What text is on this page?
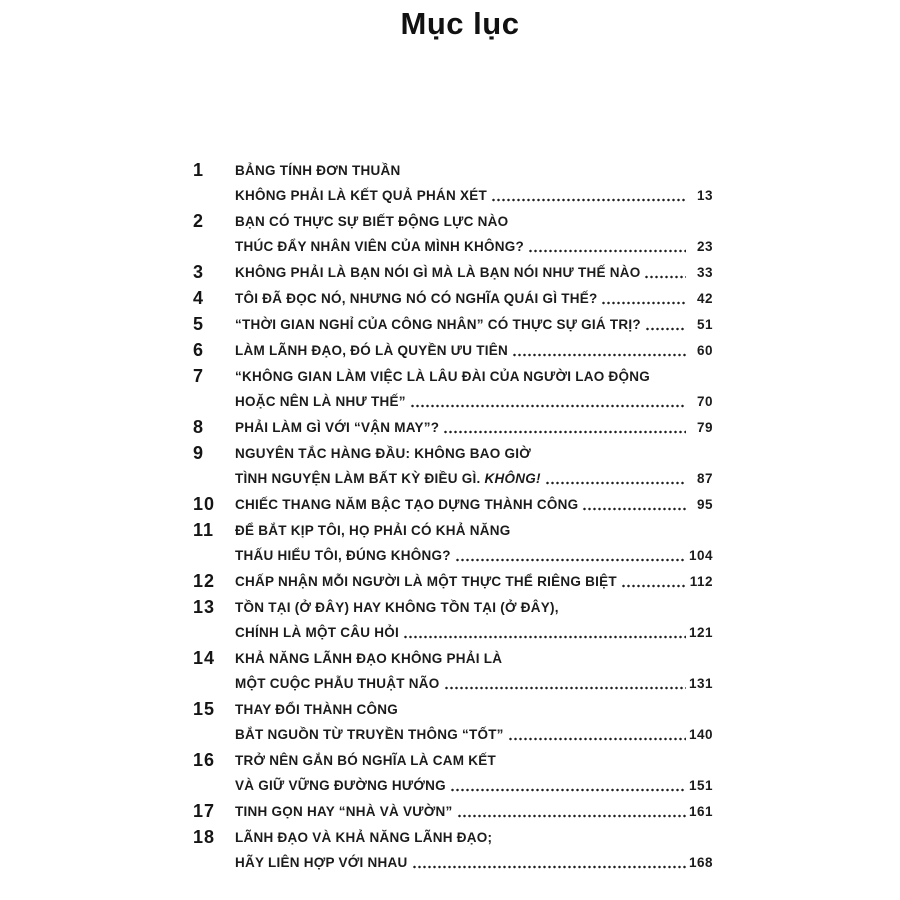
Mục lục
1	BẢNG TÍNH ĐƠN THUẦN
KHÔNG PHẢI LÀ KẾT QUẢ PHÁN XÉT	13
2	BẠN CÓ THỰC SỰ BIẾT ĐỘNG LỰC NÀO
THÚC ĐẨY NHÂN VIÊN CỦA MÌNH KHÔNG?	23
3	KHÔNG PHẢI LÀ BẠN NÓI GÌ MÀ LÀ BẠN NÓI NHƯ THẾ NÀO	33
4	TÔI ĐÃ ĐỌC NÓ, NHƯNG NÓ CÓ NGHĨA QUÁI GÌ THẾ?	42
5	“THỜI GIAN NGHỈ CỦA CÔNG NHÂN” CÓ THỰC SỰ GIÁ TRỊ?	51
6	LÀM LÃNH ĐẠO, ĐÓ LÀ QUYỀN ƯU TIÊN	60
7	“KHÔNG GIAN LÀM VIỆC LÀ LÂU ĐÀI CỦA NGƯỜI LAO ĐỘNG
HOẶC NÊN LÀ NHƯ THẾ”	70
8	PHẢI LÀM GÌ VỚI “VẬN MAY”?	79
9	NGUYÊN TẮC HÀNG ĐẦU: KHÔNG BAO GIỜ
TÌNH NGUYỆN LÀM BẤT KỲ ĐIỀU GÌ. KHÔNG!	87
10	CHIẾC THANG NĂM BẬC TẠO DỰNG THÀNH CÔNG	95
11	ĐỂ BẮT KỊP TÔI, HỌ PHẢI CÓ KHẢ NĂNG
THẤU HIỂU TÔI, ĐÚNG KHÔNG?	104
12	CHẤP NHẬN MỖI NGƯỜI LÀ MỘT THỰC THỂ RIÊNG BIỆT	112
13	TỒN TẠI (Ở ĐÂY) HAY KHÔNG TỒN TẠI (Ở ĐÂY),
CHÍNH LÀ MỘT CÂU HỎI	121
14	KHẢ NĂNG LÃNH ĐẠO KHÔNG PHẢI LÀ
MỘT CUỘC PHẪU THUẬT NÃO	131
15	THAY ĐỔI THÀNH CÔNG
BẮT NGUỒN TỪ TRUYỀN THÔNG “TỐT”	140
16	TRỞ NÊN GẮN BÓ NGHĨA LÀ CAM KẾT
VÀ GIỮ VỮNG ĐƯỜNG HƯỚNG	151
17	TINH GỌN HAY “NHÀ VÀ VƯỜN”	161
18	LÃNH ĐẠO VÀ KHẢ NĂNG LÃNH ĐẠO;
HÃY LIÊN HỢP VỚI NHAU	168
